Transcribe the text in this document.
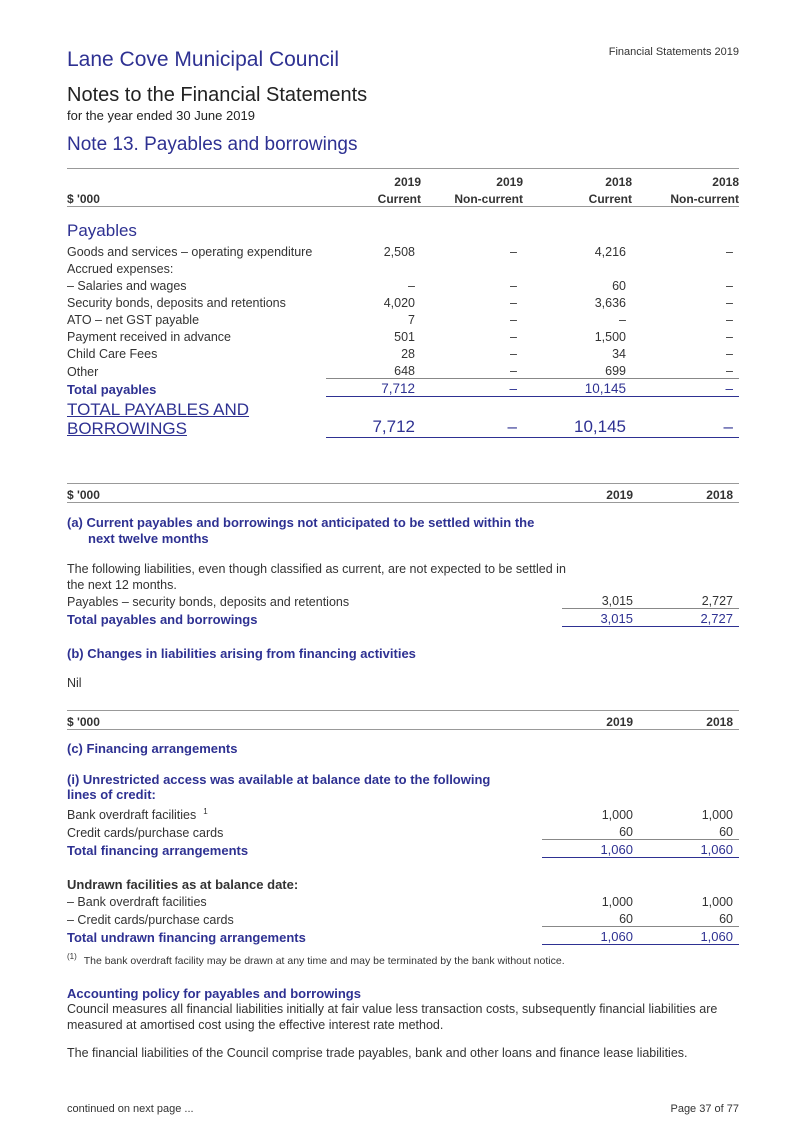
Financial Statements 2019
Lane Cove Municipal Council
Notes to the Financial Statements
for the year ended 30 June 2019
Note 13. Payables and borrowings
	2019	2019	2018	2018
$ '000	Current	Non-current	Current	Non-current
Payables				
Goods and services – operating expenditure	2,508	–	4,216	–
Accrued expenses:				
– Salaries and wages	–	–	60	–
Security bonds, deposits and retentions	4,020	–	3,636	–
ATO – net GST payable	7	–	–	–
Payment received in advance	501	–	1,500	–
Child Care Fees	28	–	34	–
Other	648	–	699	–
Total payables	7,712	–	10,145	–
TOTAL PAYABLES AND
BORROWINGS	7,712	–	10,145	–
$ '000	2019	2018
(a) Current payables and borrowings not anticipated to be settled within the
next twelve months
The following liabilities, even though classified as current, are not expected to be settled in
the next 12 months.
Payables – security bonds, deposits and retentions	3,015	2,727
Total payables and borrowings	3,015	2,727
(b) Changes in liabilities arising from financing activities
Nil
$ '000	2019	2018
(c) Financing arrangements
(i) Unrestricted access was available at balance date to the following
lines of credit:
Bank overdraft facilities $^1$	1,000	1,000
Credit cards/purchase cards	60	60
Total financing arrangements	1,060	1,060

Undrawn facilities as at balance date:		
– Bank overdraft facilities	1,000	1,000
– Credit cards/purchase cards	60	60
Total undrawn financing arrangements	1,060	1,060
$^{(1)}$ The bank overdraft facility may be drawn at any time and may be terminated by the bank without notice.
Accounting policy for payables and borrowings
Council measures all financial liabilities initially at fair value less transaction costs, subsequently financial liabilities are
measured at amortised cost using the effective interest rate method.
The financial liabilities of the Council comprise trade payables, bank and other loans and finance lease liabilities.
continued on next page ...	Page 37 of 77
